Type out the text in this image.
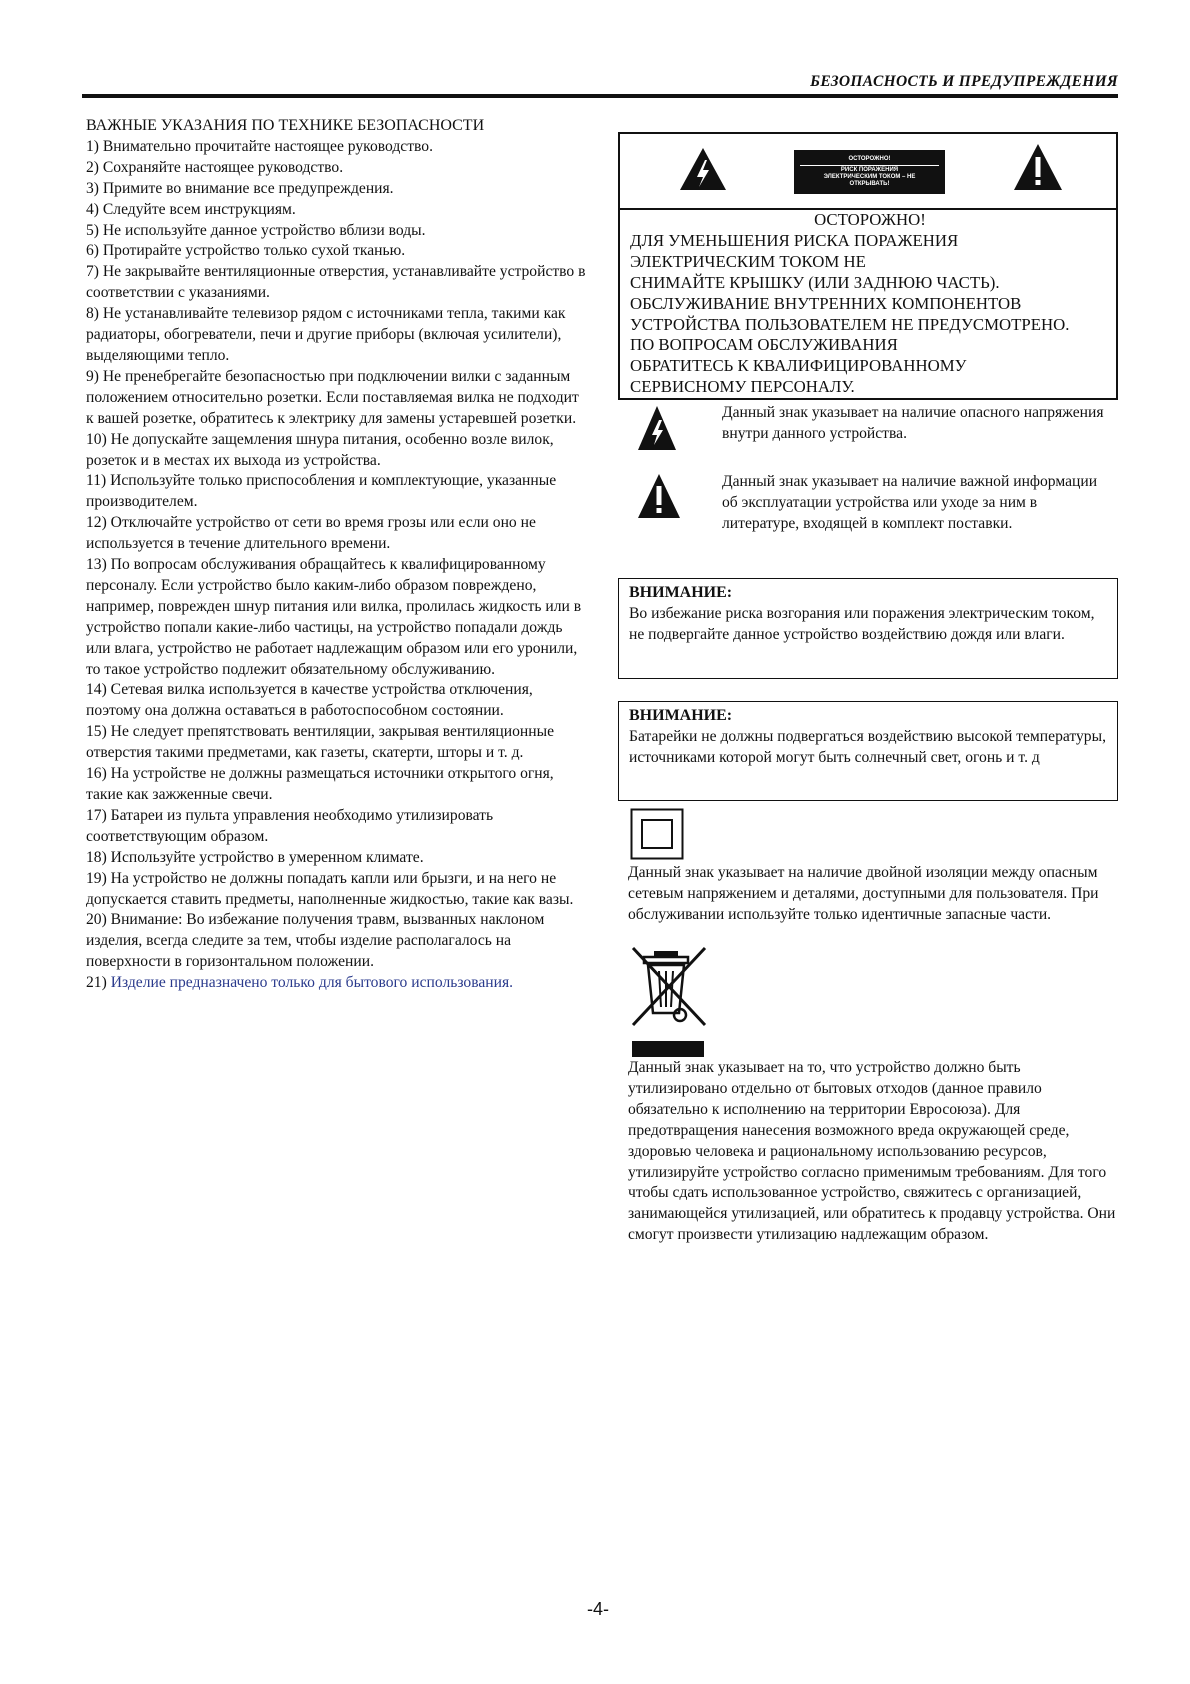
БЕЗОПАСНОСТЬ И ПРЕДУПРЕЖДЕНИЯ

ВАЖНЫЕ УКАЗАНИЯ ПО ТЕХНИКЕ БЕЗОПАСНОСТИ

1) Внимательно прочитайте настоящее руководство.

2) Сохраняйте настоящее руководство.

3) Примите во внимание все предупреждения.

4) Следуйте всем инструкциям.

5) Не используйте данное устройство вблизи воды.

6) Протирайте устройство только сухой тканью.

7) Не закрывайте вентиляционные отверстия, устанавливайте устройство в соответствии с указаниями.

8) Не устанавливайте телевизор рядом с источниками тепла, такими как радиаторы, обогреватели, печи и другие приборы (включая усилители), выделяющими тепло.

9) Не пренебрегайте безопасностью при подключении вилки с заданным положением относительно розетки. Если поставляемая вилка не подходит к вашей розетке, обратитесь к электрику для замены устаревшей розетки.

10) Не допускайте защемления шнура питания, особенно возле вилок, розеток и в местах их выхода из устройства.

11) Используйте только приспособления и комплектующие, указанные производителем.

12) Отключайте устройство от сети во время грозы или если оно не используется в течение длительного времени.

13) По вопросам обслуживания обращайтесь к квалифицированному персоналу. Если устройство было каким-либо образом повреждено, например, поврежден шнур питания или вилка, пролилась жидкость или в устройство попали какие-либо частицы, на устройство попадали дождь или влага, устройство не работает надлежащим образом или его уронили, то такое устройство подлежит обязательному обслуживанию.

14) Сетевая вилка используется в качестве устройства отключения, поэтому она должна оставаться в работоспособном состоянии.

15) Не следует препятствовать вентиляции, закрывая вентиляционные отверстия такими предметами, как газеты, скатерти, шторы и т. д.

16) На устройстве не должны размещаться источники открытого огня, такие как зажженные свечи.

17) Батареи из пульта управления необходимо утилизировать соответствующим образом.

18) Используйте устройство в умеренном климате.

19) На устройство не должны попадать капли или брызги, и на него не допускается ставить предметы, наполненные жидкостью, такие как вазы.

20) Внимание: Во избежание получения травм, вызванных наклоном изделия, всегда следите за тем, чтобы изделие располагалось на поверхности в горизонтальном положении.

21) Изделие предназначено только для бытового использования.

ОСТОРОЖНО!
РИСК ПОРАЖЕНИЯ
ЭЛЕКТРИЧЕСКИМ ТОКОМ – НЕ
ОТКРЫВАТЬ!
ОСТОРОЖНО!
ДЛЯ УМЕНЬШЕНИЯ РИСКА ПОРАЖЕНИЯ
ЭЛЕКТРИЧЕСКИМ ТОКОМ НЕ
СНИМАЙТЕ КРЫШКУ (ИЛИ ЗАДНЮЮ ЧАСТЬ).
ОБСЛУЖИВАНИЕ ВНУТРЕННИХ КОМПОНЕНТОВ
УСТРОЙСТВА ПОЛЬЗОВАТЕЛЕМ НЕ ПРЕДУСМОТРЕНО.
ПО ВОПРОСАМ ОБСЛУЖИВАНИЯ
ОБРАТИТЕСЬ К КВАЛИФИЦИРОВАННОМУ
СЕРВИСНОМУ ПЕРСОНАЛУ.
Данный знак указывает на наличие опасного напряжения внутри данного устройства.
Данный знак указывает на наличие важной информации об эксплуатации устройства или уходе за ним в литературе, входящей в комплект поставки.
ВНИМАНИЕ:
Во избежание риска возгорания или поражения электрическим током, не подвергайте данное устройство воздействию дождя или влаги.
ВНИМАНИЕ:
Батарейки не должны подвергаться воздействию высокой температуры, источниками которой могут быть солнечный свет, огонь и т. д
Данный знак указывает на наличие двойной изоляции между опасным сетевым напряжением и деталями, доступными для пользователя. При обслуживании используйте только идентичные запасные части.
Данный знак указывает на то, что устройство должно быть утилизировано отдельно от бытовых отходов (данное правило обязательно к исполнению на территории Евросоюза). Для предотвращения нанесения возможного вреда окружающей среде, здоровью человека и рациональному использованию ресурсов, утилизируйте устройство согласно применимым требованиям. Для того чтобы сдать использованное устройство, свяжитесь с организацией, занимающейся утилизацией, или обратитесь к продавцу устройства. Они смогут произвести утилизацию надлежащим образом.
-4-
